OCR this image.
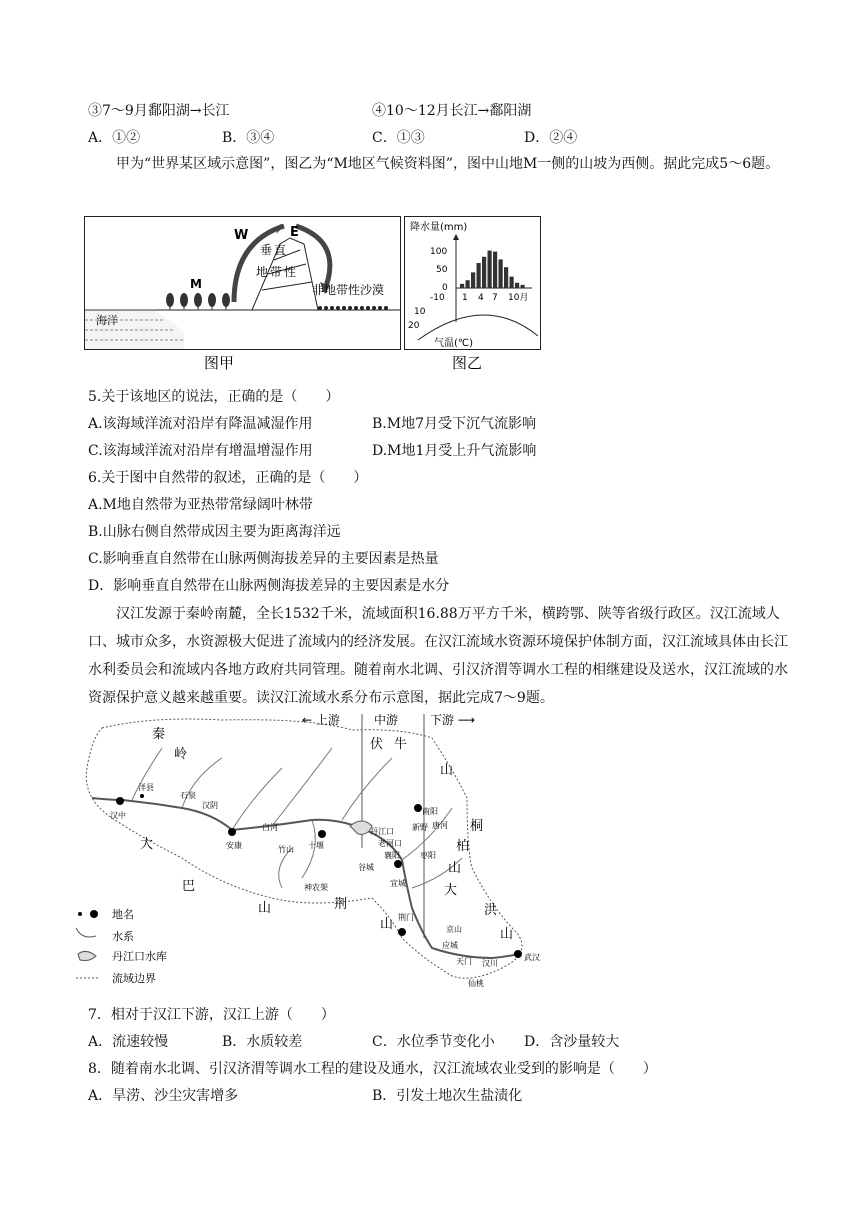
③7～9月鄱阳湖→长江	④10～12月长江→鄱阳湖
A．①②	B．③④	C．①③	D．②④
甲为“世界某区域示意图”，图乙为“M地区气候资料图”，图中山地M一侧的山坡为西侧。据此完成5～6题。
W	E
垂 直
地 带 性
非地带性沙漠
M
海洋
图甲
降水量(mm)
100
50
0
-10
10
20
1 4 7 10月
气温(℃)
图乙
5.关于该地区的说法，正确的是（　　）
A.该海域洋流对沿岸有降温减湿作用	B.M地7月受下沉气流影响
C.该海域洋流对沿岸有增温增湿作用	D.M地1月受上升气流影响
6.关于图中自然带的叙述，正确的是（　　）
A.M地自然带为亚热带常绿阔叶林带
B.山脉右侧自然带成因主要为距离海洋远
C.影响垂直自然带在山脉两侧海拔差异的主要因素是热量
D．影响垂直自然带在山脉两侧海拔差异的主要因素是水分
汉江发源于秦岭南麓，全长1532千米，流域面积16.88万平方千米，横跨鄂、陕等省级行政区。汉江流域人口、城市众多，水资源极大促进了流域内的经济发展。在汉江流域水资源环境保护体制方面，汉江流域具体由长江水利委员会和流域内各地方政府共同管理。随着南水北调、引汉济渭等调水工程的相继建设及送水，汉江流域的水资源保护意义越来越重要。读汉江流域水系分布示意图，据此完成7～9题。
← 上游	中游	下游 ⟶
秦
岭
伏 牛
山
桐
柏
山
大
洪
山
大
巴
山	荆
山
汉中
洋县
石泉
汉阴
安康
白河
竹山 十堰
丹江口
老河口
襄阳
谷城
神农架
南阳
新野 唐河
枣阳
宜城
荆门
京山
应城
天门 汉川
仙桃
武汉
地名
水系
丹江口水库
流域边界
7．相对于汉江下游，汉江上游（　　）
A．流速较慢	B．水质较差	C．水位季节变化小 D．含沙量较大
8．随着南水北调、引汉济渭等调水工程的建设及通水，汉江流域农业受到的影响是（　　）
A．旱涝、沙尘灾害增多	B．引发土地次生盐渍化
